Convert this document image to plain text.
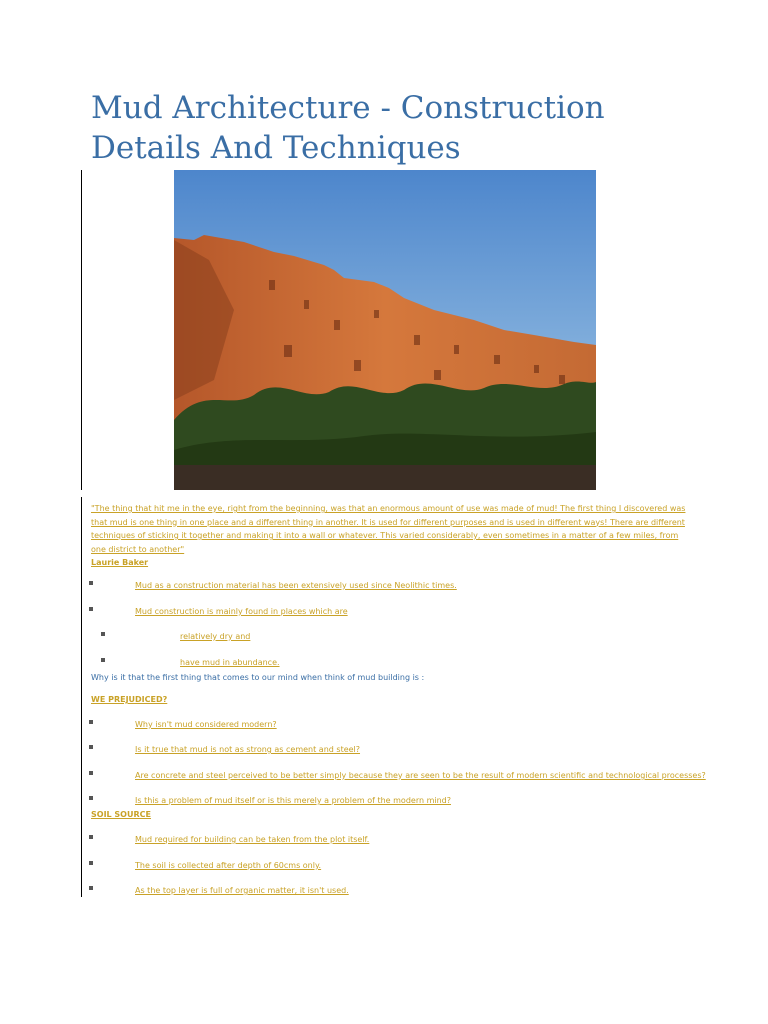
Mud Architecture - Construction Details And Techniques
"The thing that hit me in the eye, right from the beginning, was that an enormous amount of use was made of mud! The first thing I discovered was that mud is one thing in one place and a different thing in another. It is used for different purposes and is used in different ways! There are different techniques of sticking it together and making it into a wall or whatever. This varied considerably, even sometimes in a matter of a few miles, from one district to another"
Laurie Baker
Mud as a construction material has been extensively used since Neolithic times.
Mud construction is mainly found in places which are
relatively dry and
have mud in abundance.
Why is it that the first thing that comes to our mind when think of mud building is :
WE PREJUDICED?
Why isn't mud considered modern?
Is it true that mud is not as strong as cement and steel?
Are concrete and steel perceived to be better simply because they are seen to be the result of modern scientific and technological processes?
Is this a problem of mud itself or is this merely a problem of the modern mind?
SOIL SOURCE
Mud required for building can be taken from the plot itself.
The soil is collected after depth of 60cms only.
As the top layer is full of organic matter, it isn't used.
